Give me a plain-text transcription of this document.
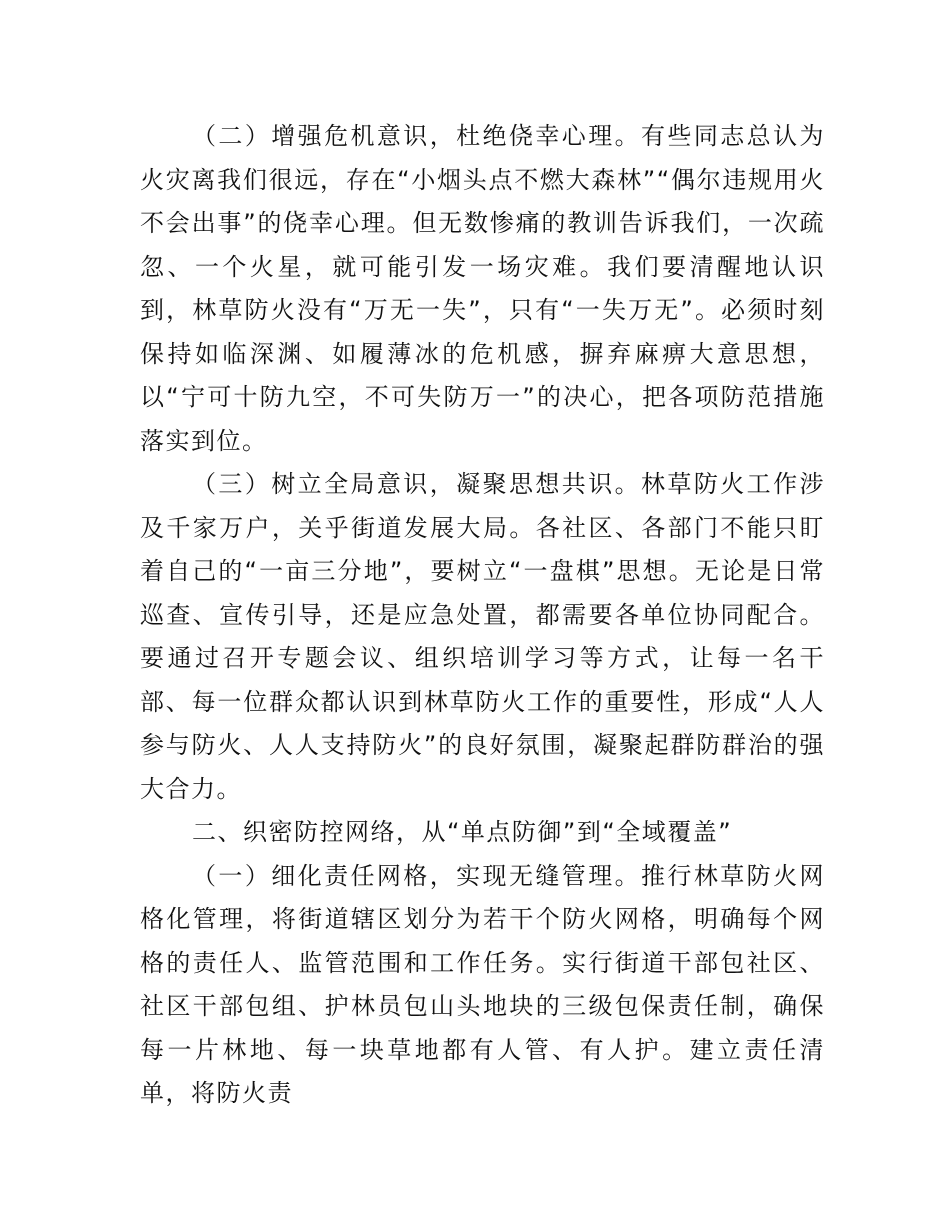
（二）增强危机意识，杜绝侥幸心理。有些同志总认为火灾离我们很远，存在“小烟头点不燃大森林”“偶尔违规用火不会出事”的侥幸心理。但无数惨痛的教训告诉我们，一次疏忽、一个火星，就可能引发一场灾难。我们要清醒地认识到，林草防火没有“万无一失”，只有“一失万无”。必须时刻保持如临深渊、如履薄冰的危机感，摒弃麻痹大意思想，以“宁可十防九空，不可失防万一”的决心，把各项防范措施落实到位。

（三）树立全局意识，凝聚思想共识。林草防火工作涉及千家万户，关乎街道发展大局。各社区、各部门不能只盯着自己的“一亩三分地”，要树立“一盘棋”思想。无论是日常巡查、宣传引导，还是应急处置，都需要各单位协同配合。要通过召开专题会议、组织培训学习等方式，让每一名干部、每一位群众都认识到林草防火工作的重要性，形成“人人参与防火、人人支持防火”的良好氛围，凝聚起群防群治的强大合力。

二、织密防控网络，从“单点防御”到“全域覆盖”

（一）细化责任网格，实现无缝管理。推行林草防火网格化管理，将街道辖区划分为若干个防火网格，明确每个网格的责任人、监管范围和工作任务。实行街道干部包社区、社区干部包组、护林员包山头地块的三级包保责任制，确保每一片林地、每一块草地都有人管、有人护。建立责任清单，将防火责
